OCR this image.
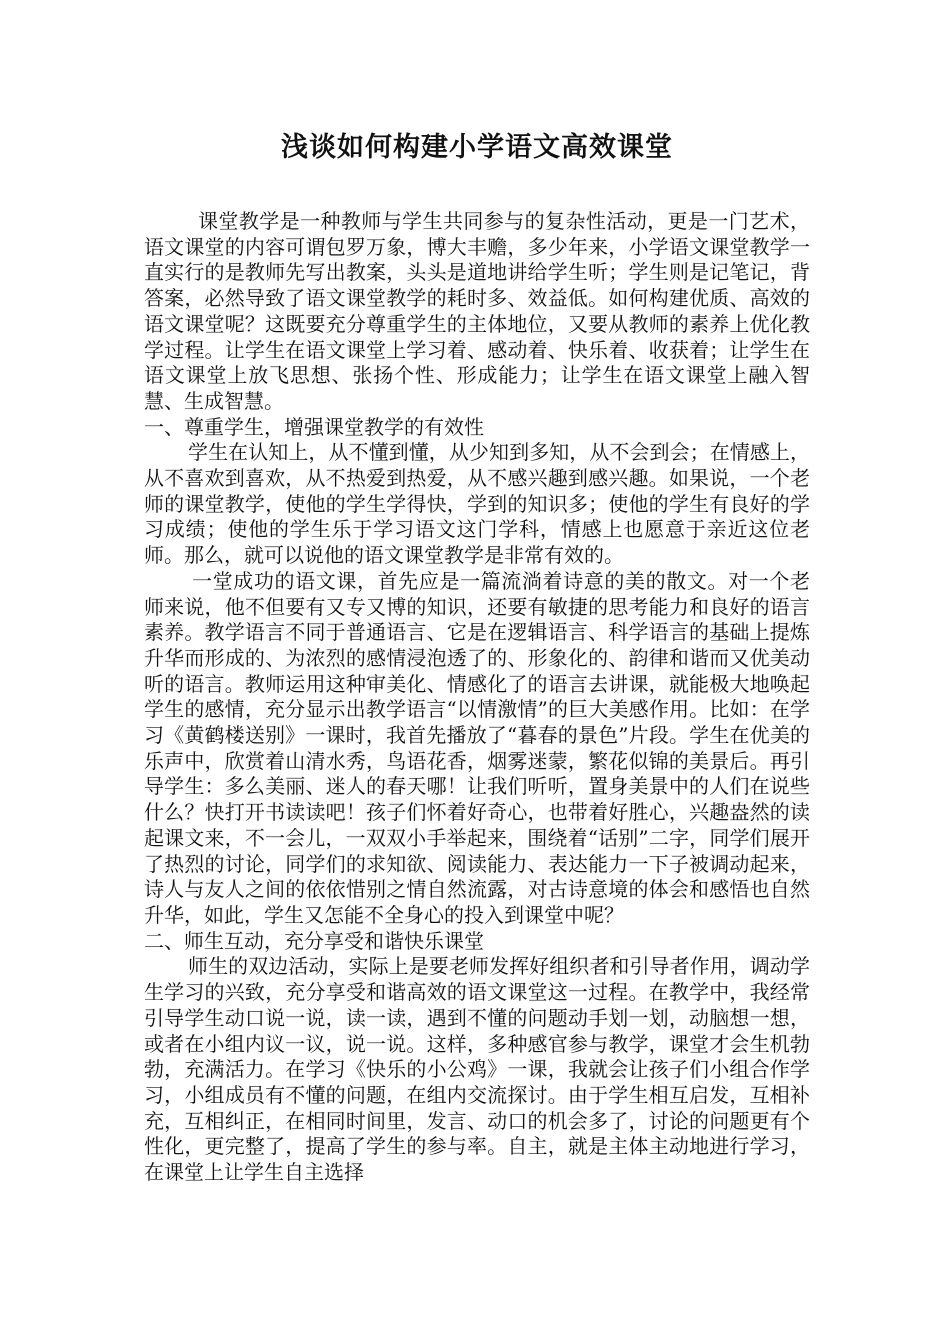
浅谈如何构建小学语文高效课堂

课堂教学是一种教师与学生共同参与的复杂性活动，更是一门艺术，语文课堂的内容可谓包罗万象，博大丰赡，多少年来，小学语文课堂教学一直实行的是教师先写出教案，头头是道地讲给学生听；学生则是记笔记，背答案，必然导致了语文课堂教学的耗时多、效益低。如何构建优质、高效的语文课堂呢？这既要充分尊重学生的主体地位，又要从教师的素养上优化教学过程。让学生在语文课堂上学习着、感动着、快乐着、收获着；让学生在语文课堂上放飞思想、张扬个性、形成能力；让学生在语文课堂上融入智慧、生成智慧。

一、尊重学生，增强课堂教学的有效性

学生在认知上，从不懂到懂，从少知到多知，从不会到会；在情感上，从不喜欢到喜欢，从不热爱到热爱，从不感兴趣到感兴趣。如果说，一个老师的课堂教学，使他的学生学得快，学到的知识多；使他的学生有良好的学习成绩；使他的学生乐于学习语文这门学科，情感上也愿意于亲近这位老师。那么，就可以说他的语文课堂教学是非常有效的。

一堂成功的语文课，首先应是一篇流淌着诗意的美的散文。对一个老师来说，他不但要有又专又博的知识，还要有敏捷的思考能力和良好的语言素养。教学语言不同于普通语言、它是在逻辑语言、科学语言的基础上提炼升华而形成的、为浓烈的感情浸泡透了的、形象化的、韵律和谐而又优美动听的语言。教师运用这种审美化、情感化了的语言去讲课，就能极大地唤起学生的感情，充分显示出教学语言“以情激情”的巨大美感作用。比如：在学习《黄鹤楼送别》一课时，我首先播放了“暮春的景色”片段。学生在优美的乐声中，欣赏着山清水秀，鸟语花香，烟雾迷蒙，繁花似锦的美景后。再引导学生：多么美丽、迷人的春天哪！让我们听听，置身美景中的人们在说些什么？快打开书读读吧！孩子们怀着好奇心，也带着好胜心，兴趣盎然的读起课文来，不一会儿，一双双小手举起来，围绕着“话别”二字，同学们展开了热烈的讨论，同学们的求知欲、阅读能力、表达能力一下子被调动起来，诗人与友人之间的依依惜别之情自然流露，对古诗意境的体会和感悟也自然升华，如此，学生又怎能不全身心的投入到课堂中呢？

二、师生互动，充分享受和谐快乐课堂

师生的双边活动，实际上是要老师发挥好组织者和引导者作用，调动学生学习的兴致，充分享受和谐高效的语文课堂这一过程。在教学中，我经常引导学生动口说一说，读一读，遇到不懂的问题动手划一划，动脑想一想，或者在小组内议一议，说一说。这样，多种感官参与教学，课堂才会生机勃勃，充满活力。在学习《快乐的小公鸡》一课，我就会让孩子们小组合作学习，小组成员有不懂的问题，在组内交流探讨。由于学生相互启发，互相补充，互相纠正，在相同时间里，发言、动口的机会多了，讨论的问题更有个性化，更完整了，提高了学生的参与率。自主，就是主体主动地进行学习，在课堂上让学生自主选择
